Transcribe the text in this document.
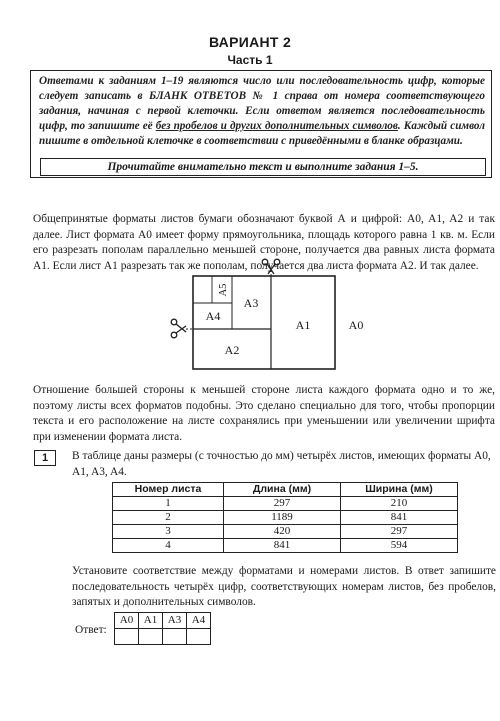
ВАРИАНТ 2
Часть 1
Ответами к заданиям 1–19 являются число или последовательность цифр, которые следует записать в БЛАНК ОТВЕТОВ № 1 справа от номера соответствующего задания, начиная с первой клеточки. Если ответом является последовательность цифр, то запишите её без пробелов и других дополнительных символов. Каждый символ пишите в отдельной клеточке в соответствии с приведёнными в бланке образцами.
Прочитайте внимательно текст и выполните задания 1–5.
Общепринятые форматы листов бумаги обозначают буквой А и цифрой: A0, A1, A2 и так далее. Лист формата A0 имеет форму прямоугольника, площадь которого равна 1 кв. м. Если его разрезать пополам параллельно меньшей стороне, получается два равных листа формата A1. Если лист A1 разрезать так же пополам, получается два листа формата A2. И так далее.
A0
A1
A2
A3
A4
A5
Отношение большей стороны к меньшей стороне листа каждого формата одно и то же, поэтому листы всех форматов подобны. Это сделано специально для того, чтобы пропорции текста и его расположение на листе сохранялись при уменьшении или увеличении шрифта при изменении формата листа.
1	В таблице даны размеры (с точностью до мм) четырёх листов, имеющих форматы A0, A1, A3, A4.
Номер листа	Длина (мм)	Ширина (мм)
1	297	210
2	1189	841
3	420	297
4	841	594
Установите соответствие между форматами и номерами листов. В ответ запишите последовательность четырёх цифр, соответствующих номерам листов, без пробелов, запятых и дополнительных символов.
Ответ:
A0	A1	A3	A4
